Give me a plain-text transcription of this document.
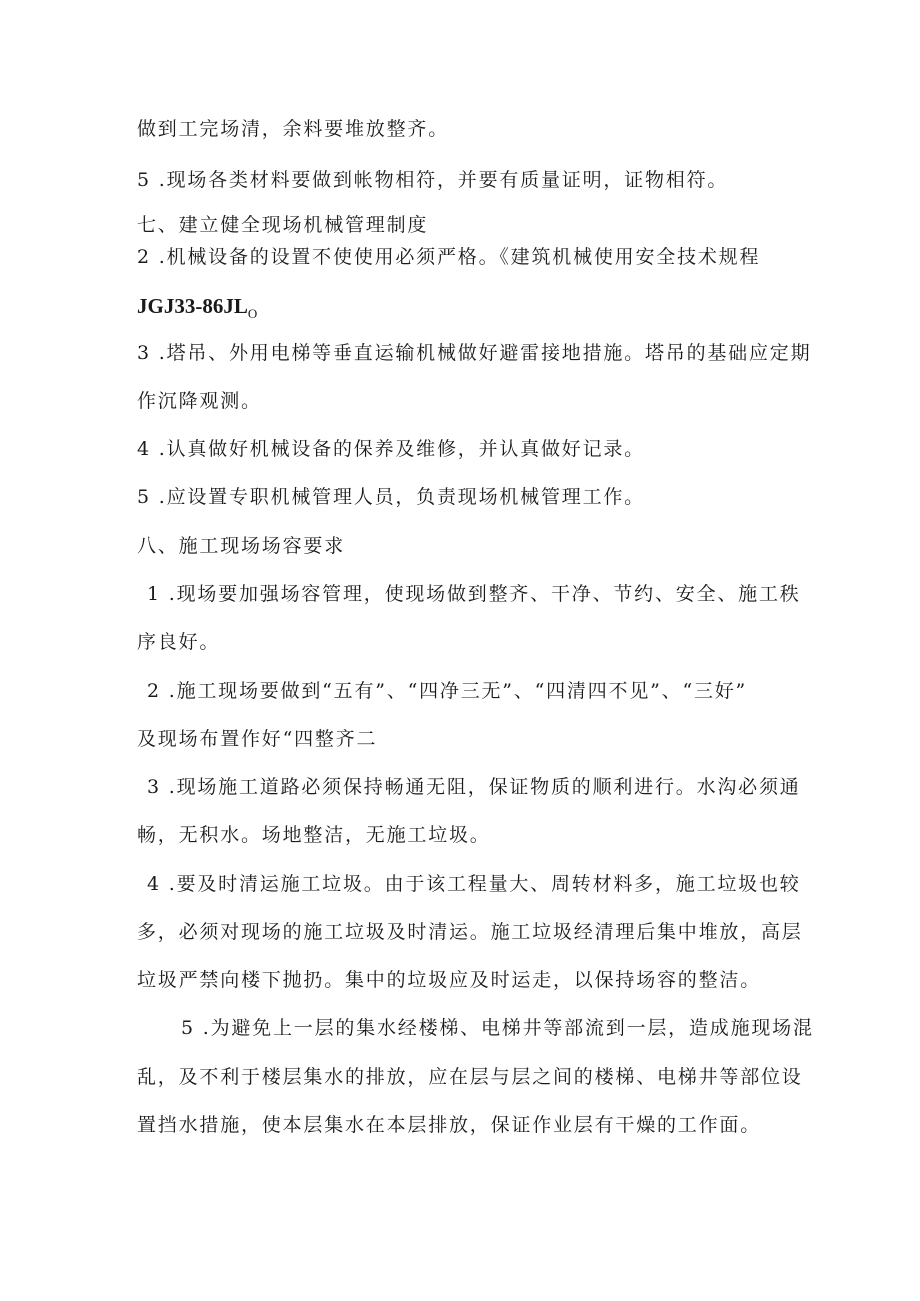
做到工完场清，余料要堆放整齐。
5 .现场各类材料要做到帐物相符，并要有质量证明，证物相符。
七、建立健全现场机械管理制度
2 .机械设备的设置不使使用必须严格。《建筑机械使用安全技术规程
$JGJ33-86JL_O$
3 .塔吊、外用电梯等垂直运输机械做好避雷接地措施。塔吊的基础应定期
作沉降观测。
4 .认真做好机械设备的保养及维修，并认真做好记录。
5 .应设置专职机械管理人员，负责现场机械管理工作。
八、施工现场场容要求
1 .现场要加强场容管理，使现场做到整齐、干净、节约、安全、施工秩
序良好。
2 .施工现场要做到“五有”、“四净三无”、“四清四不见”、“三好”
及现场布置作好“四整齐二
3 .现场施工道路必须保持畅通无阻，保证物质的顺利进行。水沟必须通
畅，无积水。场地整洁，无施工垃圾。
4 .要及时清运施工垃圾。由于该工程量大、周转材料多，施工垃圾也较
多，必须对现场的施工垃圾及时清运。施工垃圾经清理后集中堆放，高层
垃圾严禁向楼下抛扔。集中的垃圾应及时运走，以保持场容的整洁。
5 .为避免上一层的集水经楼梯、电梯井等部流到一层，造成施现场混
乱，及不利于楼层集水的排放，应在层与层之间的楼梯、电梯井等部位设
置挡水措施，使本层集水在本层排放，保证作业层有干燥的工作面。
